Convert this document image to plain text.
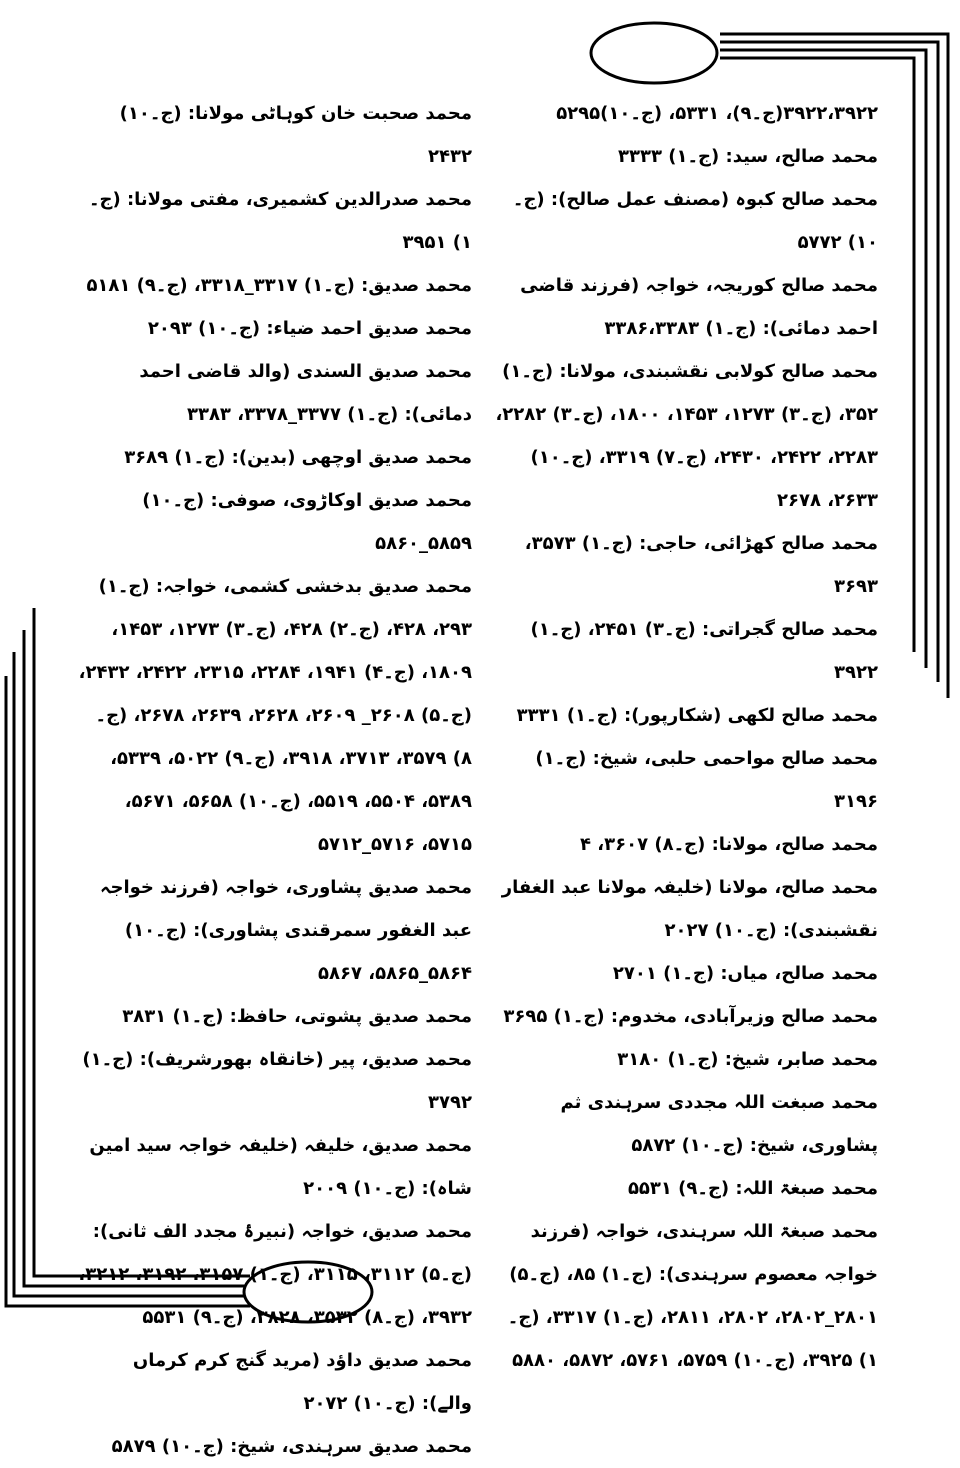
۳۹۲۲،۳۹۲۲(ج۔۹)، ۵۳۳۱، (ج۔۱۰)۵۲۹۵
محمد صالح، سید: (ج۔۱) ۳۳۳۳
محمد صالح کبوہ (مصنف عمل صالح): (ج۔۱۰) ۵۷۷۲
محمد صالح کوریجہ، خواجہ (فرزند قاضی احمد دمائی): (ج۔۱) ۳۳۸۶،۳۳۸۳
محمد صالح کولابی نقشبندی، مولانا: (ج۔۱) ۳۵۲، (ج۔۳) ۱۲۷۳، ۱۴۵۳، ۱۸۰۰، (ج۔۳) ۲۲۸۲، ۲۲۸۳، ۲۴۲۲، ۲۴۳۰، (ج۔۷) ۳۳۱۹، (ج۔۱۰) ۲۶۳۳، ۲۶۷۸
محمد صالح کھڑائی، حاجی: (ج۔۱) ۳۵۷۳، ۳۶۹۳
محمد صالح گجراتی: (ج۔۳) ۲۴۵۱، (ج۔۱) ۳۹۲۲
محمد صالح لکھی (شکارپور): (ج۔۱) ۳۳۳۱
محمد صالح مواحمی حلبی، شیخ: (ج۔۱) ۳۱۹۶
محمد صالح، مولانا: (ج۔۸) ۳۶۰۷، ۴
محمد صالح، مولانا (خلیفہ مولانا عبد الغفار نقشبندی): (ج۔۱۰) ۲۰۲۷
محمد صالح، میاں: (ج۔۱) ۲۷۰۱
محمد صالح وزیرآبادی، مخدوم: (ج۔۱) ۳۶۹۵
محمد صابر، شیخ: (ج۔۱) ۳۱۸۰
محمد صبغت اللہ مجددی سرہندی ثم پشاوری، شیخ: (ج۔۱۰) ۵۸۷۲
محمد صبغۃ اللہ: (ج۔۹) ۵۵۳۱
محمد صبغۃ اللہ سرہندی، خواجہ (فرزند خواجہ معصوم سرہندی): (ج۔۱) ۸۵، (ج۔۵) ۲۸۰۱_۲۸۰۲، ۲۸۰۲، ۲۸۱۱، (ج۔۱) ۳۳۱۷، (ج۔۱) ۳۹۲۵، (ج۔۱۰) ۵۷۵۹، ۵۷۶۱، ۵۸۷۲، ۵۸۸۰
محمد صحبت خان کوہاٹی مولانا: (ج۔۱۰) ۲۴۳۲
محمد صدرالدین کشمیری، مفتی مولانا: (ج۔۱) ۳۹۵۱
محمد صدیق: (ج۔۱) ۳۳۱۷_۳۳۱۸، (ج۔۹) ۵۱۸۱
محمد صدیق احمد ضیاء: (ج۔۱۰) ۲۰۹۳
محمد صدیق السندی (والد قاضی احمد دمائی): (ج۔۱) ۳۳۷۷_۳۳۷۸، ۳۳۸۳
محمد صدیق اوچھی (بدین): (ج۔۱) ۳۶۸۹
محمد صدیق اوکاڑوی، صوفی: (ج۔۱۰) ۵۸۵۹_۵۸۶۰
محمد صدیق بدخشی کشمی، خواجہ: (ج۔۱) ۲۹۳، ۴۲۸، (ج۔۲) ۴۲۸، (ج۔۳) ۱۲۷۳، ۱۴۵۳، ۱۸۰۹، (ج۔۴) ۱۹۴۱، ۲۲۸۴، ۲۳۱۵، ۲۴۲۲، ۲۴۳۲، (ج۔۵) ۲۶۰۸_ ۲۶۰۹، ۲۶۲۸، ۲۶۳۹، ۲۶۷۸، (ج۔۸) ۳۵۷۹، ۳۷۱۳، ۳۹۱۸، (ج۔۹) ۵۰۲۲، ۵۳۳۹، ۵۳۸۹، ۵۵۰۴، ۵۵۱۹، (ج۔۱۰) ۵۶۵۸، ۵۶۷۱، ۵۷۱۵، ۵۷۱۶_۵۷۱۲
محمد صدیق پشاوری، خواجہ (فرزند خواجہ عبد الغفور سمرقندی پشاوری): (ج۔۱۰) ۵۸۶۴_۵۸۶۵، ۵۸۶۷
محمد صدیق پشوتی، حافظ: (ج۔۱) ۳۸۳۱
محمد صدیق، پیر (خانقاہ بھورشریف): (ج۔۱) ۳۷۹۲
محمد صدیق، خلیفہ (خلیفہ خواجہ سید امین شاہ): (ج۔۱۰) ۲۰۰۹
محمد صدیق، خواجہ (نبیرۂ مجدد الف ثانی): (ج۔۵) ۳۱۱۲، ۳۱۱۵، (ج۔۱) ۳۱۵۷، ۳۱۹۲، ۳۲۱۲، ۳۹۳۲، (ج۔۸) ۳۵۳۲، ۳۸۲۸، (ج۔۹) ۵۵۳۱
محمد صدیق داؤد (مرید گنج کرم کرماں والے): (ج۔۱۰) ۲۰۷۲
محمد صدیق سرہندی، شیخ: (ج۔۱۰) ۵۸۷۹
